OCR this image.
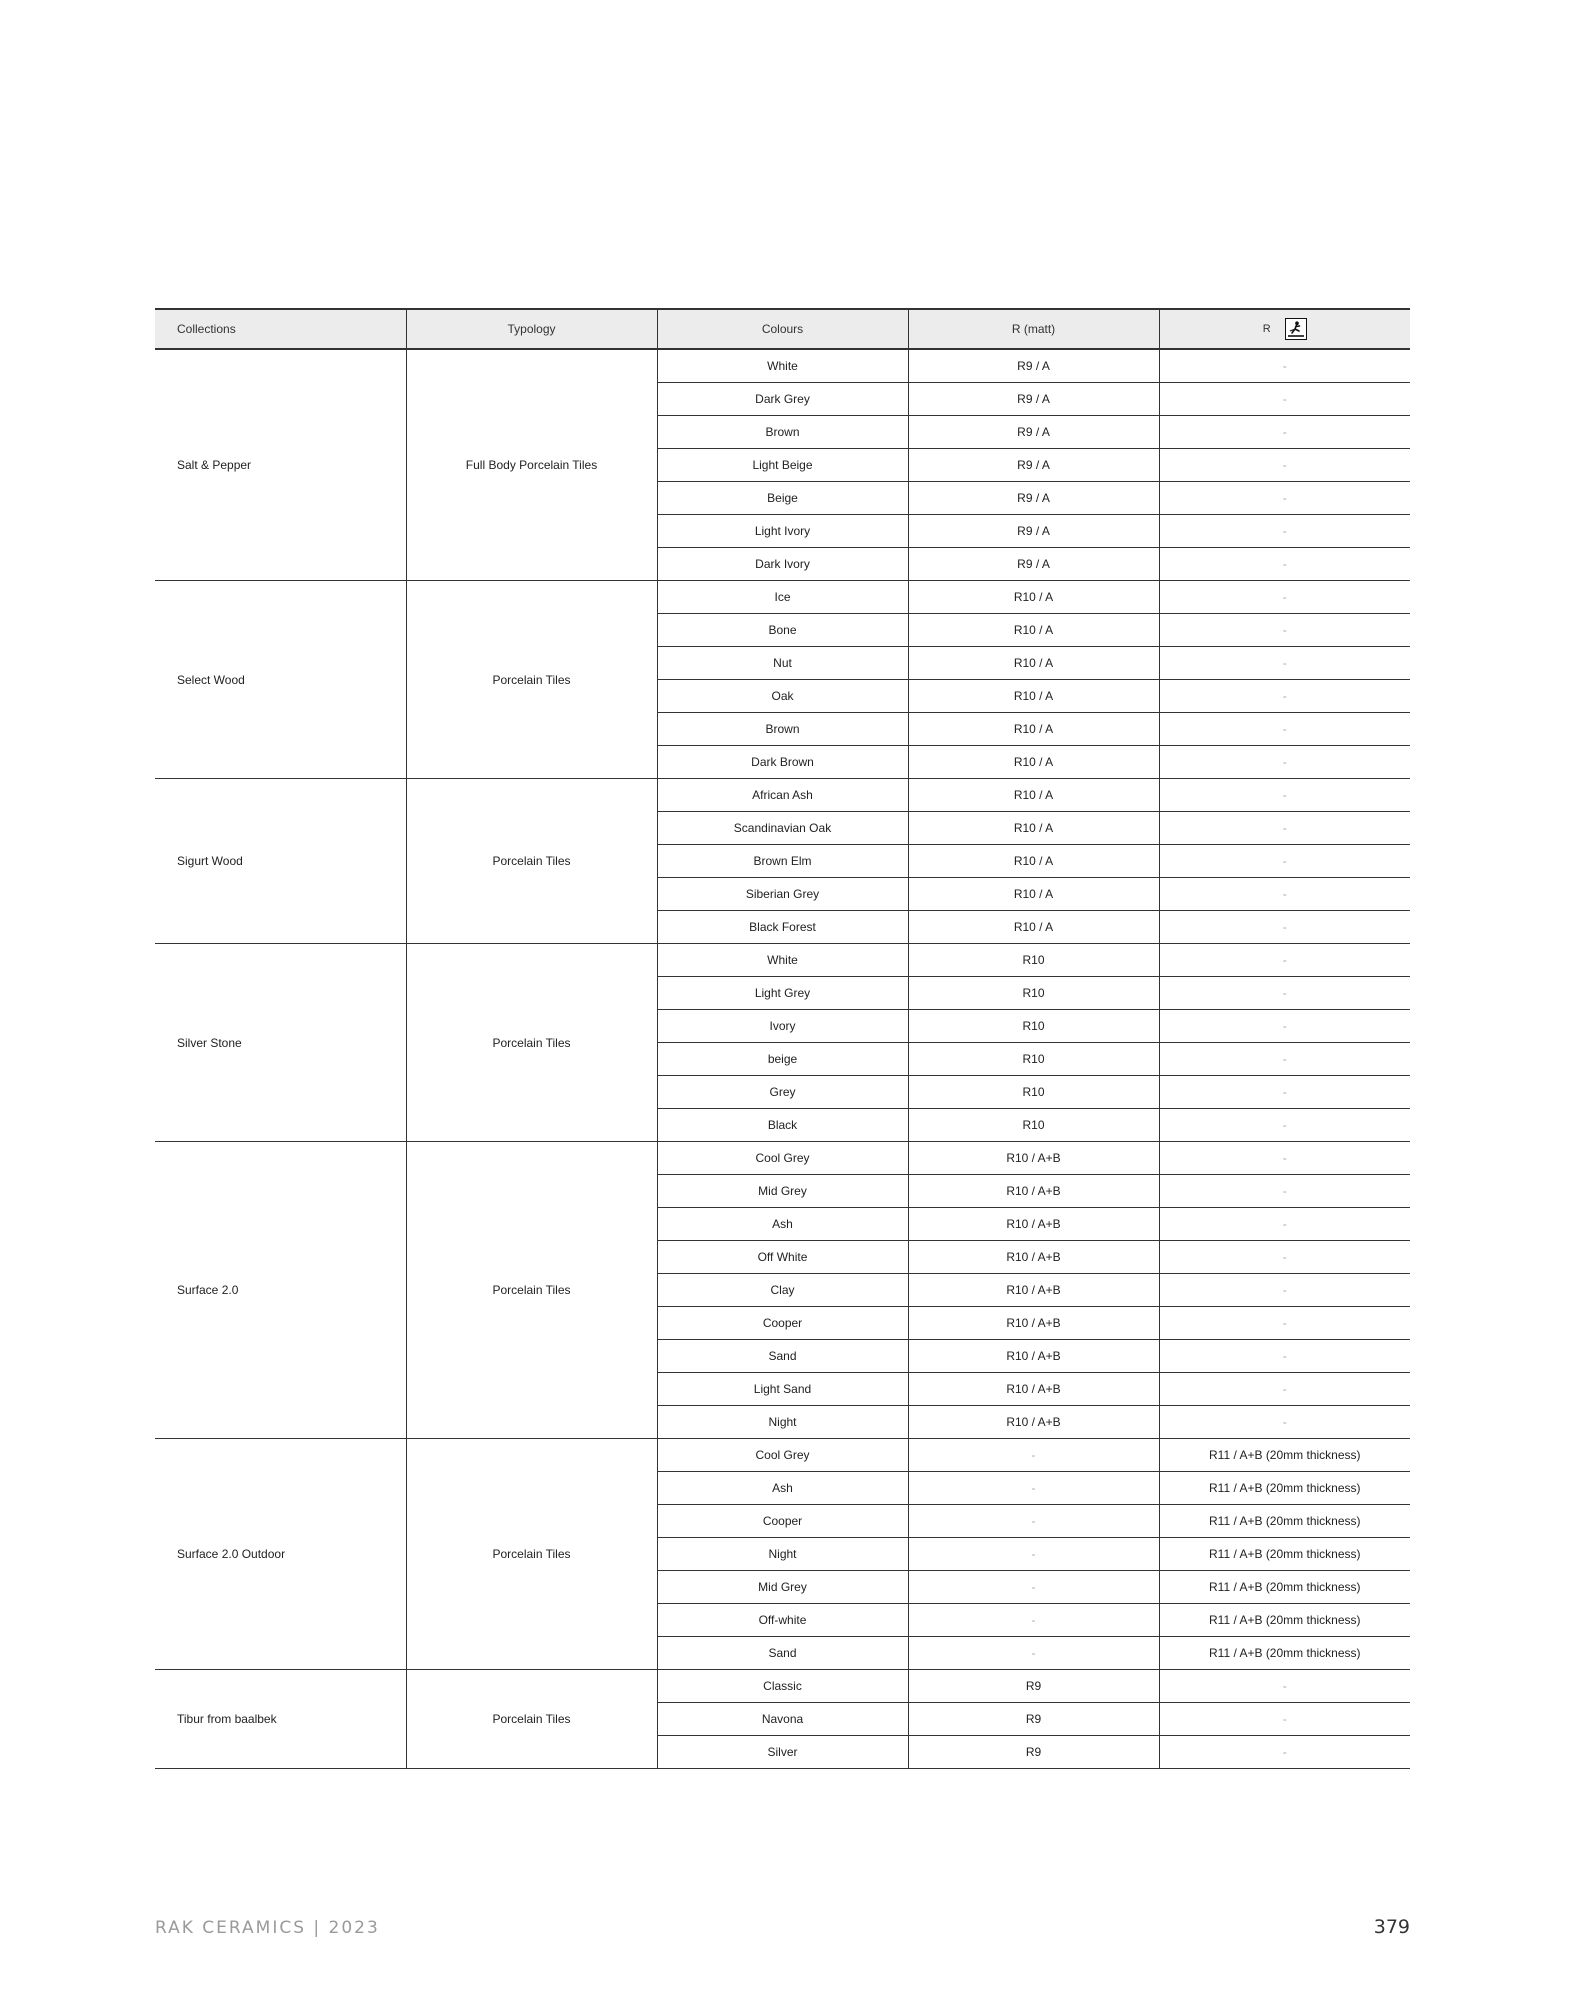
Collections	Typology	Colours	R (matt)	R

Salt & Pepper	Full Body Porcelain Tiles	White	R9 / A	-
		Dark Grey	R9 / A	-
		Brown	R9 / A	-
		Light Beige	R9 / A	-
		Beige	R9 / A	-
		Light Ivory	R9 / A	-
		Dark Ivory	R9 / A	-
Select Wood	Porcelain Tiles	Ice	R10 / A	-
		Bone	R10 / A	-
		Nut	R10 / A	-
		Oak	R10 / A	-
		Brown	R10 / A	-
		Dark Brown	R10 / A	-
Sigurt Wood	Porcelain Tiles	African Ash	R10 / A	-
		Scandinavian Oak	R10 / A	-
		Brown Elm	R10 / A	-
		Siberian Grey	R10 / A	-
		Black Forest	R10 / A	-
Silver Stone	Porcelain Tiles	White	R10	-
		Light Grey	R10	-
		Ivory	R10	-
		beige	R10	-
		Grey	R10	-
		Black	R10	-
Surface 2.0	Porcelain Tiles	Cool Grey	R10 / A+B	-
		Mid Grey	R10 / A+B	-
		Ash	R10 / A+B	-
		Off White	R10 / A+B	-
		Clay	R10 / A+B	-
		Cooper	R10 / A+B	-
		Sand	R10 / A+B	-
		Light Sand	R10 / A+B	-
		Night	R10 / A+B	-
Surface 2.0 Outdoor	Porcelain Tiles	Cool Grey	-	R11 / A+B (20mm thickness)
		Ash	-	R11 / A+B (20mm thickness)
		Cooper	-	R11 / A+B (20mm thickness)
		Night	-	R11 / A+B (20mm thickness)
		Mid Grey	-	R11 / A+B (20mm thickness)
		Off-white	-	R11 / A+B (20mm thickness)
		Sand	-	R11 / A+B (20mm thickness)
Tibur from baalbek	Porcelain Tiles	Classic	R9	-
		Navona	R9	-
		Silver	R9	-
RAK CERAMICS | 2023	379
